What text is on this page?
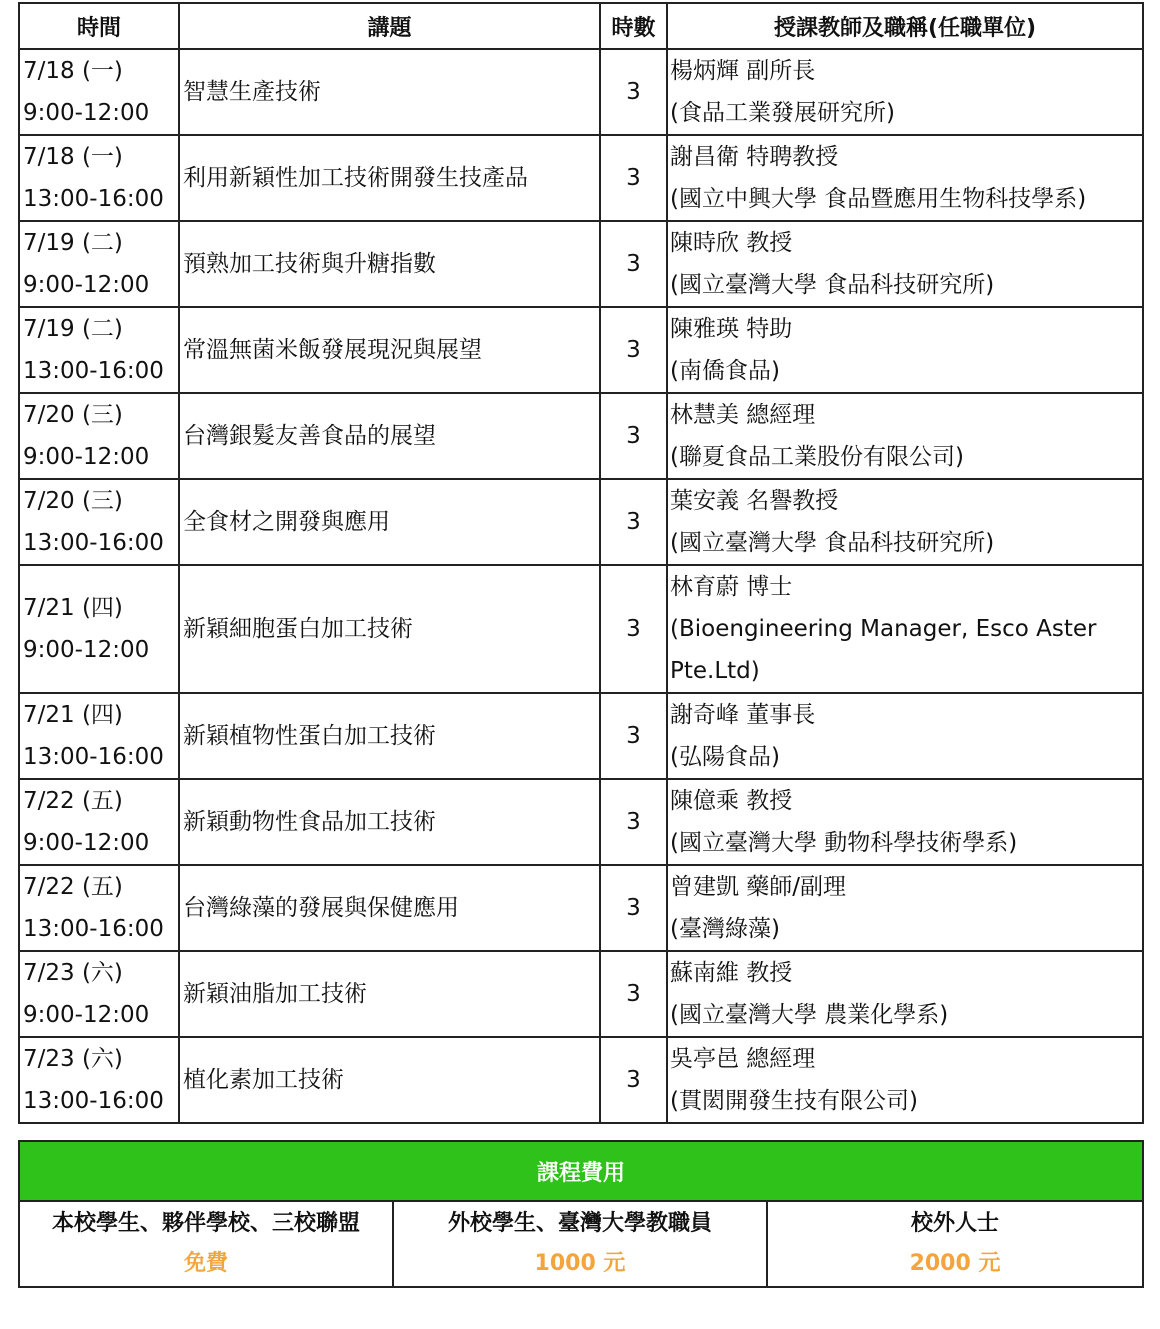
時間	講題	時數	授課教師及職稱(任職單位)

7/18 (一)
9:00-12:00	智慧生產技術	3	楊炳輝 副所長
(食品工業發展研究所)

7/18 (一)
13:00-16:00	利用新穎性加工技術開發生技產品	3	謝昌衛 特聘教授
(國立中興大學 食品暨應用生物科技學系)

7/19 (二)
9:00-12:00	預熟加工技術與升糖指數	3	陳時欣 教授
(國立臺灣大學 食品科技研究所)

7/19 (二)
13:00-16:00	常溫無菌米飯發展現況與展望	3	陳雅瑛 特助
(南僑食品)

7/20 (三)
9:00-12:00	台灣銀髮友善食品的展望	3	林慧美 總經理
(聯夏食品工業股份有限公司)

7/20 (三)
13:00-16:00	全食材之開發與應用	3	葉安義 名譽教授
(國立臺灣大學 食品科技研究所)

7/21 (四)
9:00-12:00	新穎細胞蛋白加工技術	3	林育蔚 博士
(Bioengineering Manager, Esco Aster
Pte.Ltd)

7/21 (四)
13:00-16:00	新穎植物性蛋白加工技術	3	謝奇峰 董事長
(弘陽食品)

7/22 (五)
9:00-12:00	新穎動物性食品加工技術	3	陳億乘 教授
(國立臺灣大學 動物科學技術學系)

7/22 (五)
13:00-16:00	台灣綠藻的發展與保健應用	3	曾建凱 藥師/副理
(臺灣綠藻)

7/23 (六)
9:00-12:00	新穎油脂加工技術	3	蘇南維 教授
(國立臺灣大學 農業化學系)

7/23 (六)
13:00-16:00	植化素加工技術	3	吳亭邑 總經理
(貫閎開發生技有限公司)
課程費用

本校學生、夥伴學校、三校聯盟
免費

外校學生、臺灣大學教職員
1000 元

校外人士
2000 元
